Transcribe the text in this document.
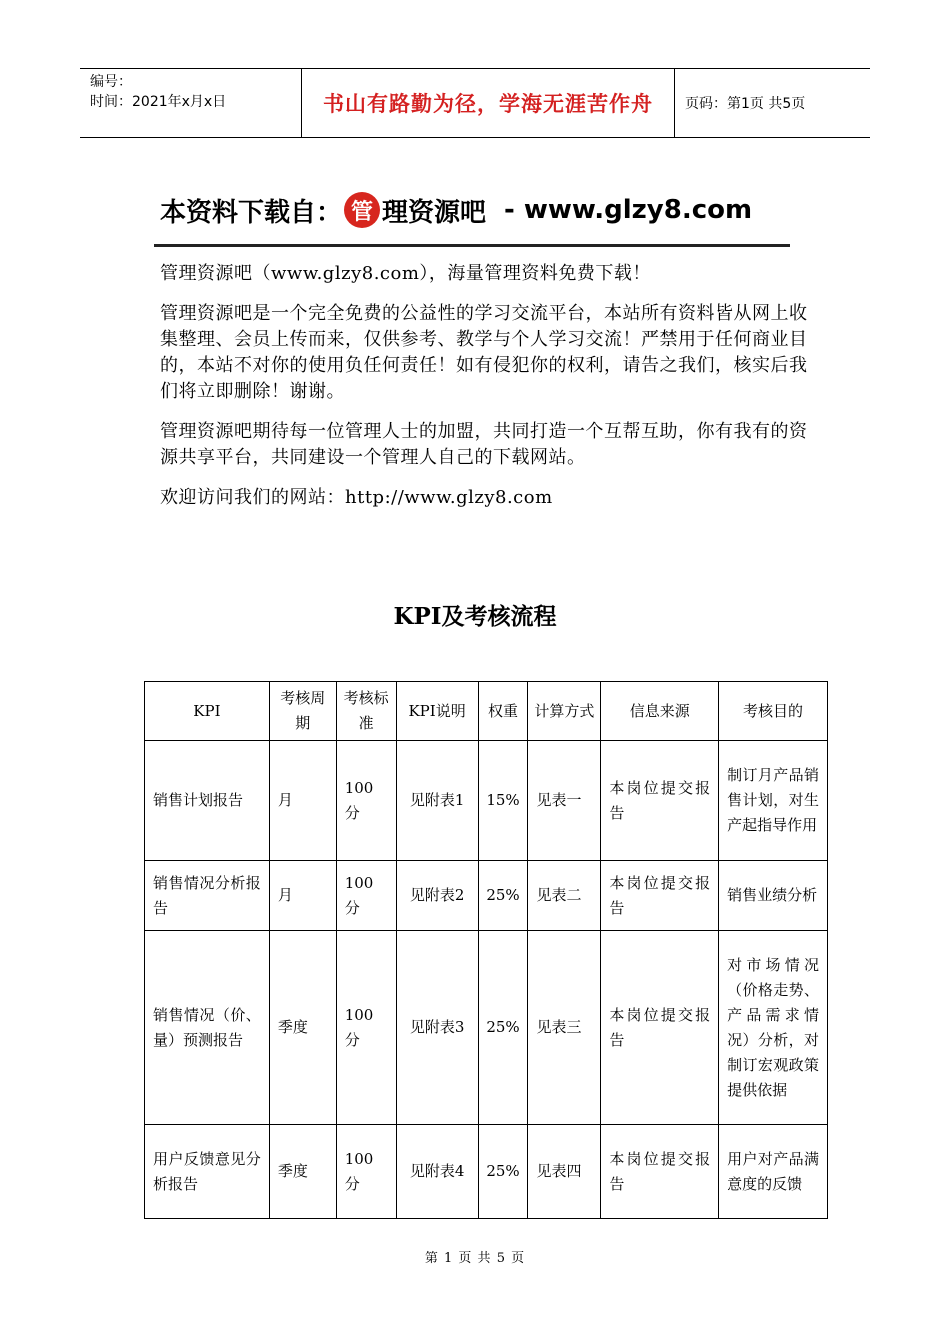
编号：
时间：2021年x月x日	书山有路勤为径，学海无涯苦作舟	页码：第1页 共5页
本资料下载自： 管 理资源吧 - www.glzy8.com
管理资源吧（www.glzy8.com），海量管理资料免费下载！
管理资源吧是一个完全免费的公益性的学习交流平台，本站所有资料皆从网上收集整理、会员上传而来，仅供参考、教学与个人学习交流！严禁用于任何商业目的，本站不对你的使用负任何责任！如有侵犯你的权利，请告之我们，核实后我们将立即删除！谢谢。
管理资源吧期待每一位管理人士的加盟，共同打造一个互帮互助，你有我有的资源共享平台，共同建设一个管理人自己的下载网站。
欢迎访问我们的网站：http://www.glzy8.com
KPI及考核流程
KPI	考核周期	考核标准	KPI说明	权重	计算方式	信息来源	考核目的
销售计划报告	月	100分	见附表1	15%	见表一	本岗位提交报告	制订月产品销售计划，对生产起指导作用
销售情况分析报告	月	100分	见附表2	25%	见表二	本岗位提交报告	销售业绩分析
销售情况（价、量）预测报告	季度	100分	见附表3	25%	见表三	本岗位提交报告	对市场情况（价格走势、产品需求情况）分析，对制订宏观政策提供依据
用户反馈意见分析报告	季度	100分	见附表4	25%	见表四	本岗位提交报告	用户对产品满意度的反馈
第 1 页 共 5 页
